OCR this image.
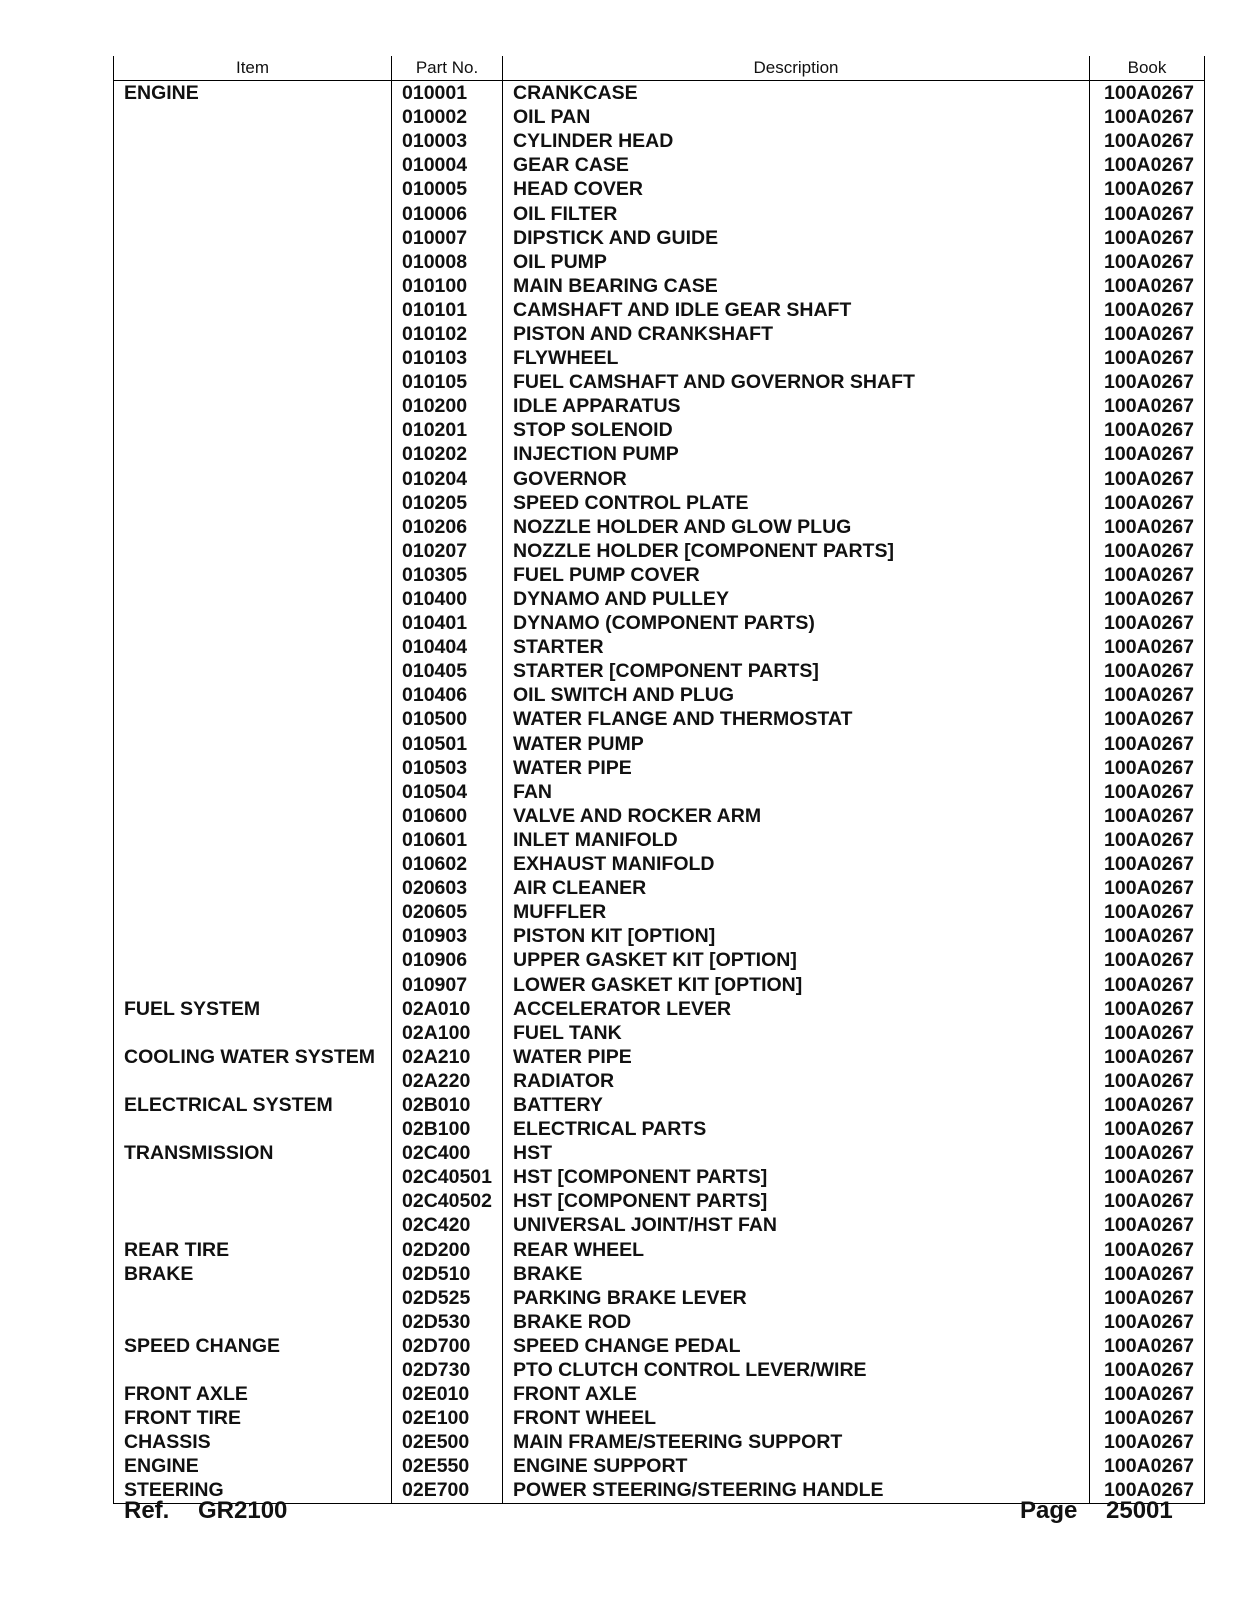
Item	Part No.	Description	Book
ENGINE	010001	CRANKCASE	100A0267
	010002	OIL PAN	100A0267
	010003	CYLINDER HEAD	100A0267
	010004	GEAR CASE	100A0267
	010005	HEAD COVER	100A0267
	010006	OIL FILTER	100A0267
	010007	DIPSTICK AND GUIDE	100A0267
	010008	OIL PUMP	100A0267
	010100	MAIN BEARING CASE	100A0267
	010101	CAMSHAFT AND IDLE GEAR SHAFT	100A0267
	010102	PISTON AND CRANKSHAFT	100A0267
	010103	FLYWHEEL	100A0267
	010105	FUEL CAMSHAFT AND GOVERNOR SHAFT	100A0267
	010200	IDLE APPARATUS	100A0267
	010201	STOP SOLENOID	100A0267
	010202	INJECTION PUMP	100A0267
	010204	GOVERNOR	100A0267
	010205	SPEED CONTROL PLATE	100A0267
	010206	NOZZLE HOLDER AND GLOW PLUG	100A0267
	010207	NOZZLE HOLDER [COMPONENT PARTS]	100A0267
	010305	FUEL PUMP COVER	100A0267
	010400	DYNAMO AND PULLEY	100A0267
	010401	DYNAMO (COMPONENT PARTS)	100A0267
	010404	STARTER	100A0267
	010405	STARTER [COMPONENT PARTS]	100A0267
	010406	OIL SWITCH AND PLUG	100A0267
	010500	WATER FLANGE AND THERMOSTAT	100A0267
	010501	WATER PUMP	100A0267
	010503	WATER PIPE	100A0267
	010504	FAN	100A0267
	010600	VALVE AND ROCKER ARM	100A0267
	010601	INLET MANIFOLD	100A0267
	010602	EXHAUST MANIFOLD	100A0267
	020603	AIR CLEANER	100A0267
	020605	MUFFLER	100A0267
	010903	PISTON KIT [OPTION]	100A0267
	010906	UPPER GASKET KIT [OPTION]	100A0267
	010907	LOWER GASKET KIT [OPTION]	100A0267
FUEL SYSTEM	02A010	ACCELERATOR LEVER	100A0267
	02A100	FUEL TANK	100A0267
COOLING WATER SYSTEM	02A210	WATER PIPE	100A0267
	02A220	RADIATOR	100A0267
ELECTRICAL SYSTEM	02B010	BATTERY	100A0267
	02B100	ELECTRICAL PARTS	100A0267
TRANSMISSION	02C400	HST	100A0267
	02C40501	HST [COMPONENT PARTS]	100A0267
	02C40502	HST [COMPONENT PARTS]	100A0267
	02C420	UNIVERSAL JOINT/HST FAN	100A0267
REAR TIRE	02D200	REAR WHEEL	100A0267
BRAKE	02D510	BRAKE	100A0267
	02D525	PARKING BRAKE LEVER	100A0267
	02D530	BRAKE ROD	100A0267
SPEED CHANGE	02D700	SPEED CHANGE PEDAL	100A0267
	02D730	PTO CLUTCH CONTROL LEVER/WIRE	100A0267
FRONT AXLE	02E010	FRONT AXLE	100A0267
FRONT TIRE	02E100	FRONT WHEEL	100A0267
CHASSIS	02E500	MAIN FRAME/STEERING SUPPORT	100A0267
ENGINE	02E550	ENGINE SUPPORT	100A0267
STEERING	02E700	POWER STEERING/STEERING HANDLE	100A0267
Ref. GR2100	Page 25001
